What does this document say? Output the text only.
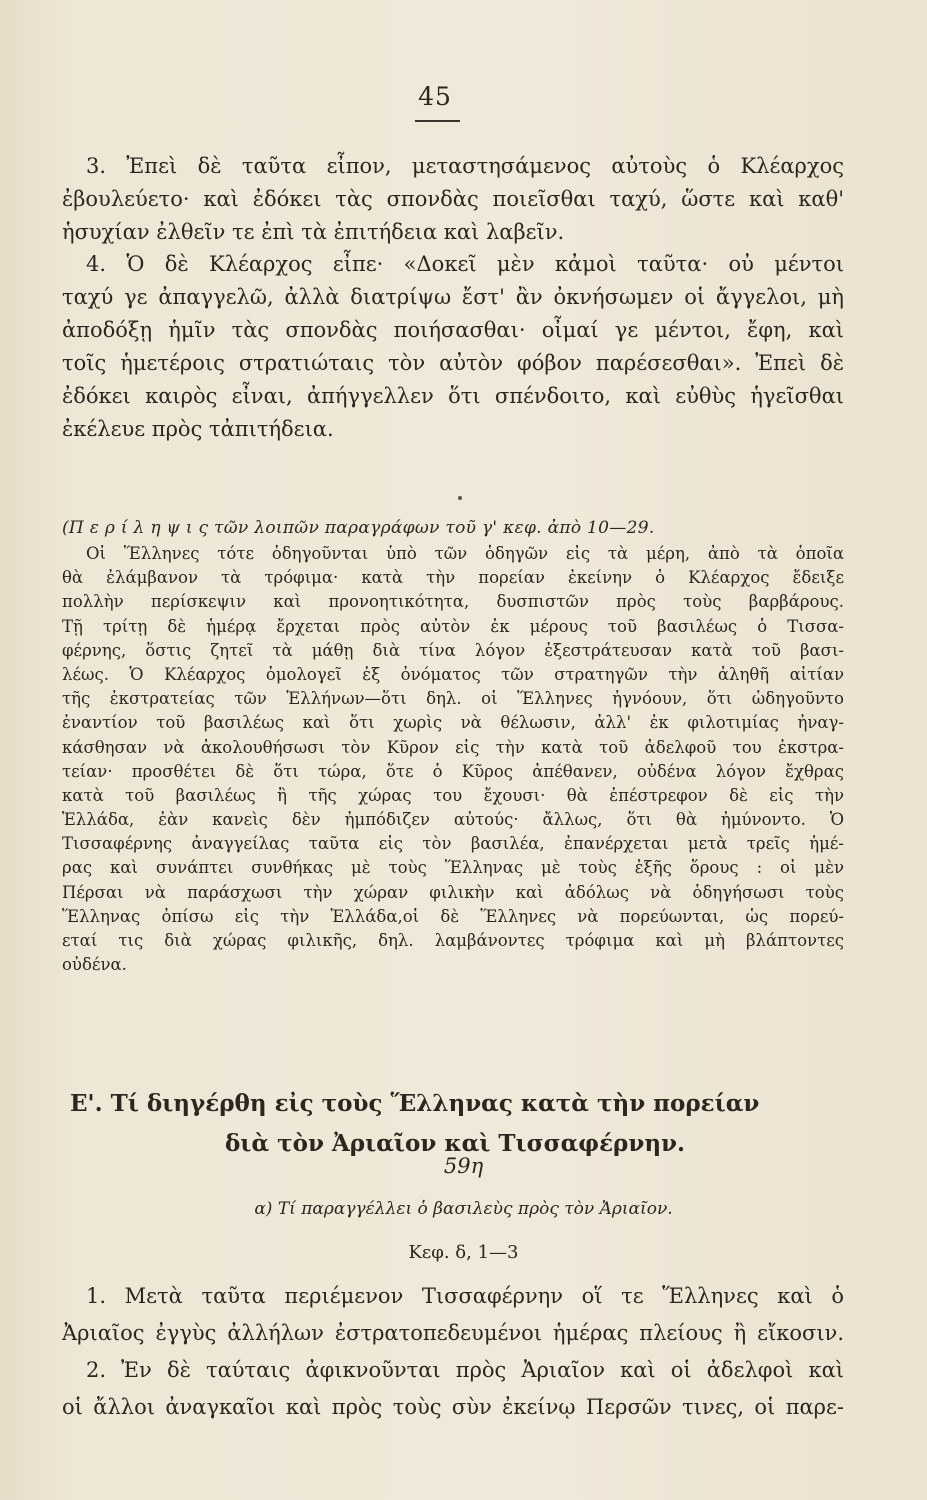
45
3. Ἐπεὶ δὲ ταῦτα εἶπον, μεταστησάμενος αὐτοὺς ὁ Κλέαρχος
ἐβουλεύετο· καὶ ἐδόκει τὰς σπονδὰς ποιεῖσθαι ταχύ, ὥστε καὶ καθ'
ἡσυχίαν ἐλθεῖν τε ἐπὶ τὰ ἐπιτήδεια καὶ λαβεῖν.
4. Ὁ δὲ Κλέαρχος εἶπε· «Δοκεῖ μὲν κἀμοὶ ταῦτα· οὐ μέντοι
ταχύ γε ἀπαγγελῶ, ἀλλὰ διατρίψω ἔστ' ἂν ὀκνήσωμεν οἱ ἄγγελοι, μὴ
ἀποδόξῃ ἡμῖν τὰς σπονδὰς ποιήσασθαι· οἶμαί γε μέντοι, ἔφη, καὶ
τοῖς ἡμετέροις στρατιώταις τὸν αὐτὸν φόβον παρέσεσθαι». Ἐπεὶ δὲ
ἐδόκει καιρὸς εἶναι, ἀπήγγελλεν ὅτι σπένδοιτο, καὶ εὐθὺς ἡγεῖσθαι
ἐκέλευε πρὸς τἀπιτήδεια.
(Π ε ρ ί λ η ψ ι ς τῶν λοιπῶν παραγράφων τοῦ γ' κεφ. ἀπὸ 10—29.
Οἱ Ἕλληνες τότε ὁδηγοῦνται ὑπὸ τῶν ὁδηγῶν εἰς τὰ μέρη, ἀπὸ τὰ ὁποῖα
θὰ ἐλάμβανον τὰ τρόφιμα· κατὰ τὴν πορείαν ἐκείνην ὁ Κλέαρχος ἔδειξε
πολλὴν περίσκεψιν καὶ προνοητικότητα, δυσπιστῶν πρὸς τοὺς βαρβάρους.
Τῇ τρίτῃ δὲ ἡμέρᾳ ἔρχεται πρὸς αὐτὸν ἐκ μέρους τοῦ βασιλέως ὁ Τισσα-
φέρνης, ὅστις ζητεῖ τὰ μάθῃ διὰ τίνα λόγον ἐξεστράτευσαν κατὰ τοῦ βασι-
λέως. Ὁ Κλέαρχος ὁμολογεῖ ἐξ ὀνόματος τῶν στρατηγῶν τὴν ἀληθῆ αἰτίαν
τῆς ἐκστρατείας τῶν Ἑλλήνων—ὅτι δηλ. οἱ Ἕλληνες ἠγνόουν, ὅτι ὡδηγοῦντο
ἐναντίον τοῦ βασιλέως καὶ ὅτι χωρὶς νὰ θέλωσιν, ἀλλ' ἐκ φιλοτιμίας ἠναγ-
κάσθησαν νὰ ἀκολουθήσωσι τὸν Κῦρον εἰς τὴν κατὰ τοῦ ἀδελφοῦ του ἐκστρα-
τείαν· προσθέτει δὲ ὅτι τώρα, ὅτε ὁ Κῦρος ἀπέθανεν, οὐδένα λόγον ἔχθρας
κατὰ τοῦ βασιλέως ἢ τῆς χώρας του ἔχουσι· θὰ ἐπέστρεφον δὲ εἰς τὴν
Ἑλλάδα, ἐὰν κανεὶς δὲν ἠμπόδιζεν αὐτούς· ἄλλως, ὅτι θὰ ἠμύνοντο. Ὁ
Τισσαφέρνης ἀναγγείλας ταῦτα εἰς τὸν βασιλέα, ἐπανέρχεται μετὰ τρεῖς ἡμέ-
ρας καὶ συνάπτει συνθήκας μὲ τοὺς Ἕλληνας μὲ τοὺς ἑξῆς ὅρους : οἱ μὲν
Πέρσαι νὰ παράσχωσι τὴν χώραν φιλικὴν καὶ ἀδόλως νὰ ὁδηγήσωσι τοὺς
Ἕλληνας ὀπίσω εἰς τὴν Ἑλλάδα,οἱ δὲ Ἕλληνες νὰ πορεύωνται, ὡς πορεύ-
εταί τις διὰ χώρας φιλικῆς, δηλ. λαμβάνοντες τρόφιμα καὶ μὴ βλάπτοντες
οὐδένα.
Ε'. Τί διηγέρθη εἰς τοὺς Ἕλληνας κατὰ τὴν πορείαν
διὰ τὸν Ἀριαῖον καὶ Τισσαφέρνην.
59η
α) Τί παραγγέλλει ὁ βασιλεὺς πρὸς τὸν Ἀριαῖον.
Κεφ. δ, 1—3
1. Μετὰ ταῦτα περιέμενον Τισσαφέρνην οἵ τε Ἕλληνες καὶ ὁ
Ἀριαῖος ἐγγὺς ἀλλήλων ἐστρατοπεδευμένοι ἡμέρας πλείους ἢ εἴκοσιν.
2. Ἐν δὲ ταύταις ἀφικνοῦνται πρὸς Ἀριαῖον καὶ οἱ ἀδελφοὶ καὶ
οἱ ἄλλοι ἀναγκαῖοι καὶ πρὸς τοὺς σὺν ἐκείνῳ Περσῶν τινες, οἱ παρε-
